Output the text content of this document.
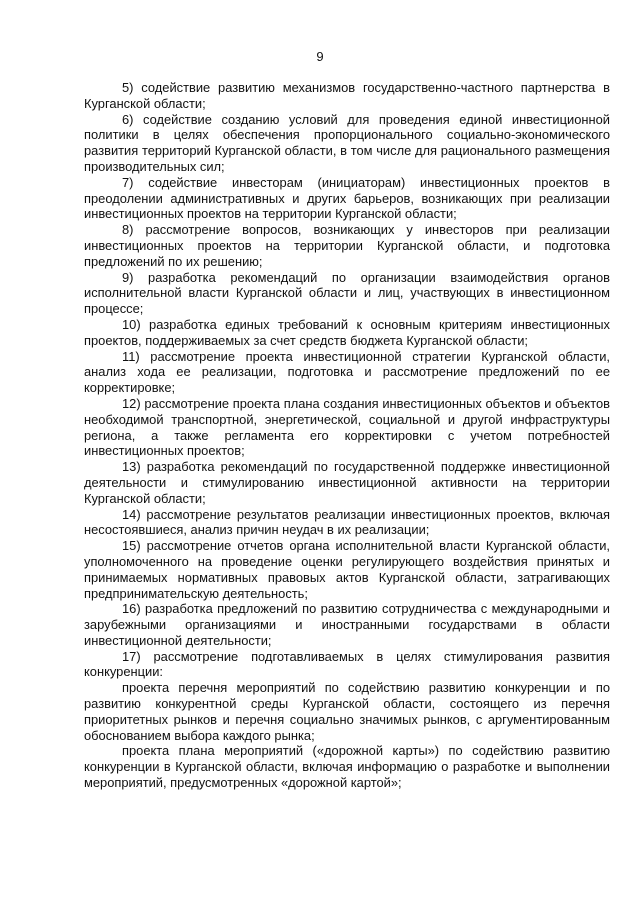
9

5) содействие развитию механизмов государственно-частного партнерства в Курганской области;

6) содействие созданию условий для проведения единой инвестиционной политики в целях обеспечения пропорционального социально-экономического развития территорий Курганской области, в том числе для рационального размещения производительных сил;

7) содействие инвесторам (инициаторам) инвестиционных проектов в преодолении административных и других барьеров, возникающих при реализации инвестиционных проектов на территории Курганской области;

8) рассмотрение вопросов, возникающих у инвесторов при реализации инвестиционных проектов на территории Курганской области, и подготовка предложений по их решению;

9) разработка рекомендаций по организации взаимодействия органов исполнительной власти Курганской области и лиц, участвующих в инвестиционном процессе;

10) разработка единых требований к основным критериям инвестиционных проектов, поддерживаемых за счет средств бюджета Курганской области;

11) рассмотрение проекта инвестиционной стратегии Курганской области, анализ хода ее реализации, подготовка и рассмотрение предложений по ее корректировке;

12) рассмотрение проекта плана создания инвестиционных объектов и объектов необходимой транспортной, энергетической, социальной и другой инфраструктуры региона, а также регламента его корректировки с учетом потребностей инвестиционных проектов;

13) разработка рекомендаций по государственной поддержке инвестиционной деятельности и стимулированию инвестиционной активности на территории Курганской области;

14) рассмотрение результатов реализации инвестиционных проектов, включая несостоявшиеся, анализ причин неудач в их реализации;

15) рассмотрение отчетов органа исполнительной власти Курганской области, уполномоченного на проведение оценки регулирующего воздействия принятых и принимаемых нормативных правовых актов Курганской области, затрагивающих предпринимательскую деятельность;

16) разработка предложений по развитию сотрудничества с международными и зарубежными организациями и иностранными государствами в области инвестиционной деятельности;

17) рассмотрение подготавливаемых в целях стимулирования развития конкуренции:

проекта перечня мероприятий по содействию развитию конкуренции и по развитию конкурентной среды Курганской области, состоящего из перечня приоритетных рынков и перечня социально значимых рынков, с аргументированным обоснованием выбора каждого рынка;

проекта плана мероприятий («дорожной карты») по содействию развитию конкуренции в Курганской области, включая информацию о разработке и выполнении мероприятий, предусмотренных «дорожной картой»;
